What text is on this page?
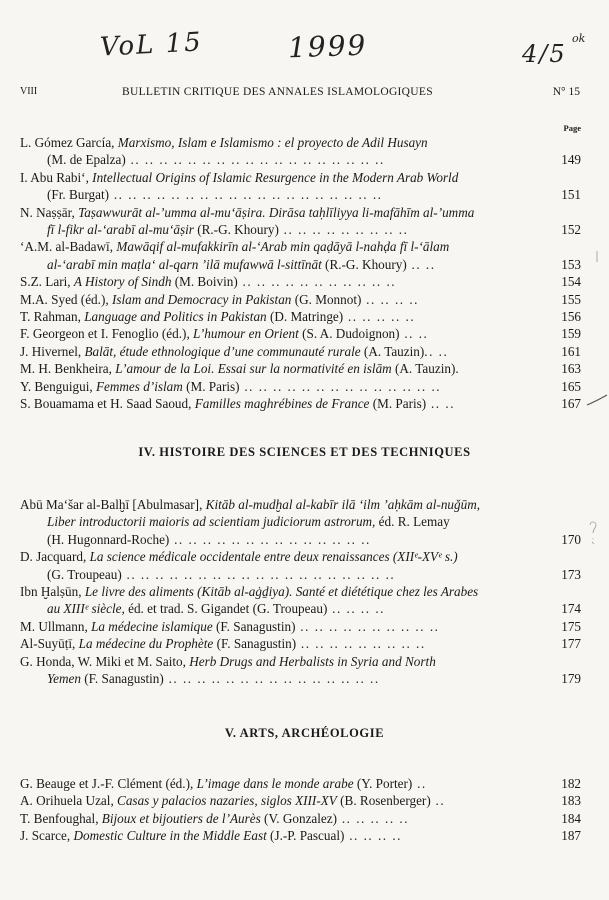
VoL 15	1999	4/5
ok
VIII	BULLETIN CRITIQUE DES ANNALES ISLAMOLOGIQUES	N° 15
Page
L. Gómez García, Marxismo, Islam e Islamismo : el proyecto de Adil Husayn
(M. de Epalza) .. .. .. .. .. .. .. .. .. .. .. .. .. .. .. .. .. ..	149
I. Abu Rabi‘, Intellectual Origins of Islamic Resurgence in the Modern Arab World
(Fr. Burgat) .. .. .. .. .. .. .. .. .. .. .. .. .. .. .. .. .. .. ..	151
N. Naṣṣār, Taṣawwurāt al-’umma al-mu‘āṣira. Dirāsa taḥlīliyya li-mafāhīm al-’umma
fī l-fikr al-‘arabī al-mu‘āṣir (R.-G. Khoury) .. .. .. .. .. .. .. .. ..	152
‘A.M. al-Badawī, Mawāqif al-mufakkirīn al-‘Arab min qaḍāyā l-nahḍa fī l-‘ālam
al-‘arabī min maṭla‘ al-qarn ’ilā mufawwā l-sittīnāt (R.-G. Khoury) .. ..	153
S.Z. Lari, A History of Sindh (M. Boivin) .. .. .. .. .. .. .. .. .. .. ..	154
M.A. Syed (éd.), Islam and Democracy in Pakistan (G. Monnot) .. .. .. ..	155
T. Rahman, Language and Politics in Pakistan (D. Matringe) .. .. .. .. ..	156
F. Georgeon et I. Fenoglio (éd.), L’humour en Orient (S. A. Dudoignon) .. ..	159
J. Hivernel, Balāt, étude ethnologique d’une communauté rurale (A. Tauzin).. ..	161
M. H. Benkheira, L’amour de la Loi. Essai sur la normativité en islām (A. Tauzin).	163
Y. Benguigui, Femmes d’islam (M. Paris) .. .. .. .. .. .. .. .. .. .. .. .. .. ..	165
S. Bouamama et H. Saad Saoud, Familles maghrébines de France (M. Paris) .. ..	167
IV. HISTOIRE DES SCIENCES ET DES TECHNIQUES
Abū Ma‘šar al-Balḫī [Abulmasar], Kitāb al-mudḫal al-kabīr ilā ‘ilm ’aḥkām al-nuǧūm,
Liber introductorii maioris ad scientiam judiciorum astrorum, éd. R. Lemay
(H. Hugonnard-Roche) .. .. .. .. .. .. .. .. .. .. .. .. .. ..	170
D. Jacquard, La science médicale occidentale entre deux renaissances (XIIᵉ-XVᵉ s.)
(G. Troupeau) .. .. .. .. .. .. .. .. .. .. .. .. .. .. .. .. .. .. ..	173
Ibn Ḫalṣūn, Le livre des aliments (Kitāb al-aġḏiya). Santé et diététique chez les Arabes
au XIIIᵉ siècle, éd. et trad. S. Gigandet (G. Troupeau) .. .. .. ..	174
M. Ullmann, La médecine islamique (F. Sanagustin) .. .. .. .. .. .. .. .. .. ..	175
Al-Suyūṭī, La médecine du Prophète (F. Sanagustin) .. .. .. .. .. .. .. .. ..	177
G. Honda, W. Miki et M. Saito, Herb Drugs and Herbalists in Syria and North
Yemen (F. Sanagustin) .. .. .. .. .. .. .. .. .. .. .. .. .. .. ..	179
V. ARTS, ARCHÉOLOGIE
G. Beauge et J.-F. Clément (éd.), L’image dans le monde arabe (Y. Porter) ..	182
A. Orihuela Uzal, Casas y palacios nazaries, siglos XIII-XV (B. Rosenberger) ..	183
T. Benfoughal, Bijoux et bijoutiers de l’Aurès (V. Gonzalez) .. .. .. .. ..	184
J. Scarce, Domestic Culture in the Middle East (J.-P. Pascual) .. .. .. ..	187
